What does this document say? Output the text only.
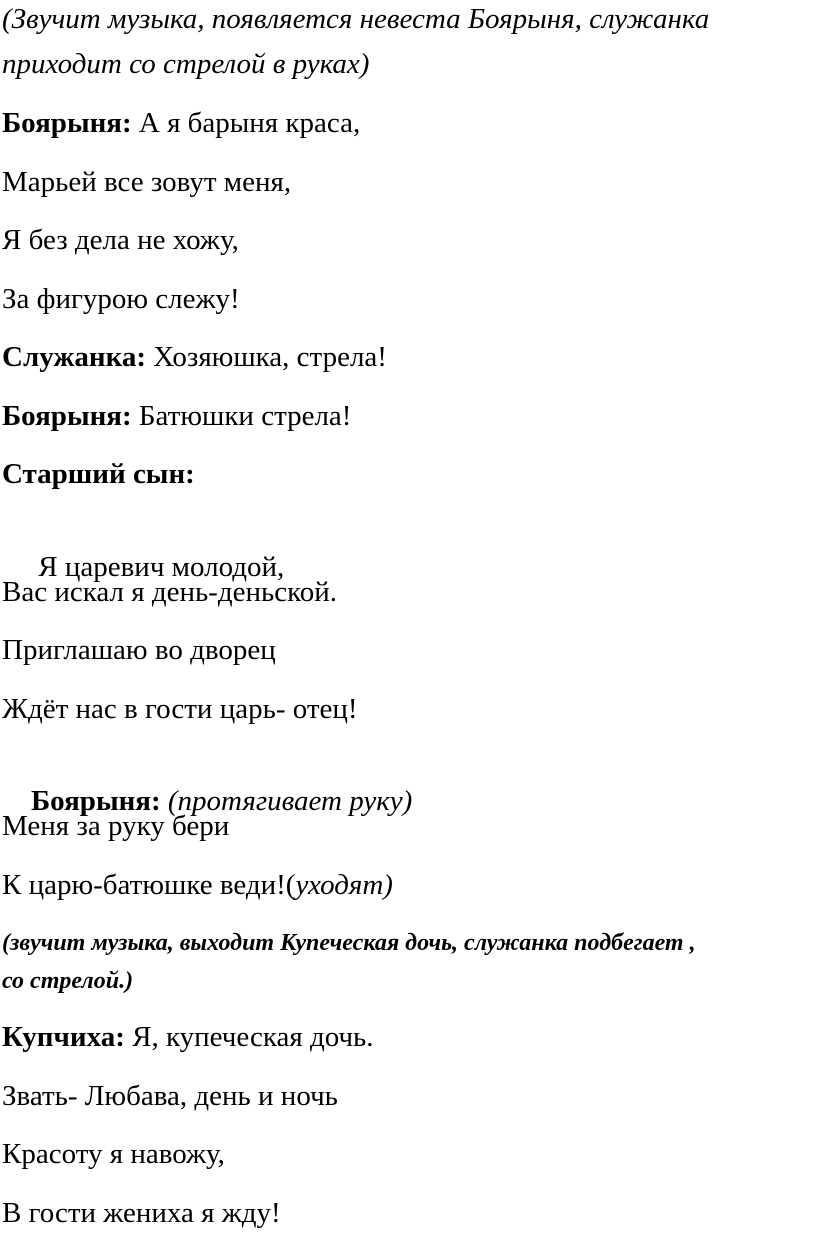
(Звучит музыка, появляется невеста Боярыня, служанка
приходит со стрелой в руках)
Боярыня: А я барыня краса,
Марьей все зовут меня,
Я без дела не хожу,
За фигурою слежу!
Служанка: Хозяюшка, стрела!
Боярыня: Батюшки стрела!
Старший сын:

Я царевич молодой,

Вас искал я день-деньской.
Приглашаю во дворец
Ждёт нас в гости царь- отец!

Боярыня: (протягивает руку)

Меня за руку бери
К царю-батюшке веди!(уходят)
(звучит музыка, выходит Купеческая дочь, служанка подбегает ,
со стрелой.)
Купчиха: Я, купеческая дочь.
Звать- Любава, день и ночь
Красоту я навожу,
В гости жениха я жду!
